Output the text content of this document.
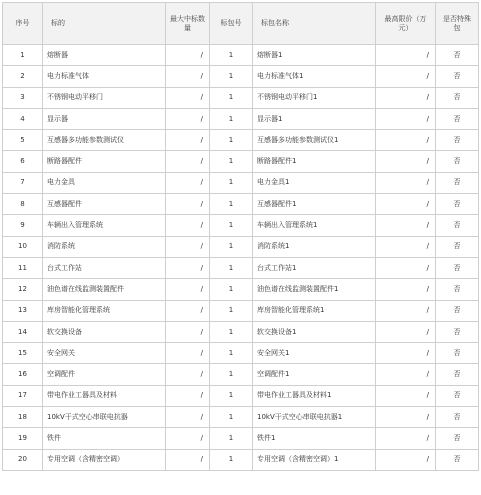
序号	标的	最大中标数量	标包号	标包名称	最高限价（万元）	是否特殊包
1	熔断器	/	1	熔断器1	/	否
2	电力标准气体	/	1	电力标准气体1	/	否
3	不锈钢电动平移门	/	1	不锈钢电动平移门1	/	否
4	显示器	/	1	显示器1	/	否
5	互感器多功能参数测试仪	/	1	互感器多功能参数测试仪1	/	否
6	断路器配件	/	1	断路器配件1	/	否
7	电力金具	/	1	电力金具1	/	否
8	互感器配件	/	1	互感器配件1	/	否
9	车辆出入管理系统	/	1	车辆出入管理系统1	/	否
10	消防系统	/	1	消防系统1	/	否
11	台式工作站	/	1	台式工作站1	/	否
12	油色谱在线监测装置配件	/	1	油色谱在线监测装置配件1	/	否
13	库房智能化管理系统	/	1	库房智能化管理系统1	/	否
14	软交换设备	/	1	软交换设备1	/	否
15	安全网关	/	1	安全网关1	/	否
16	空调配件	/	1	空调配件1	/	否
17	带电作业工器具及材料	/	1	带电作业工器具及材料1	/	否
18	10kV干式空心串联电抗器	/	1	10kV干式空心串联电抗器1	/	否
19	铁件	/	1	铁件1	/	否
20	专用空调（含精密空调）	/	1	专用空调（含精密空调）1	/	否
